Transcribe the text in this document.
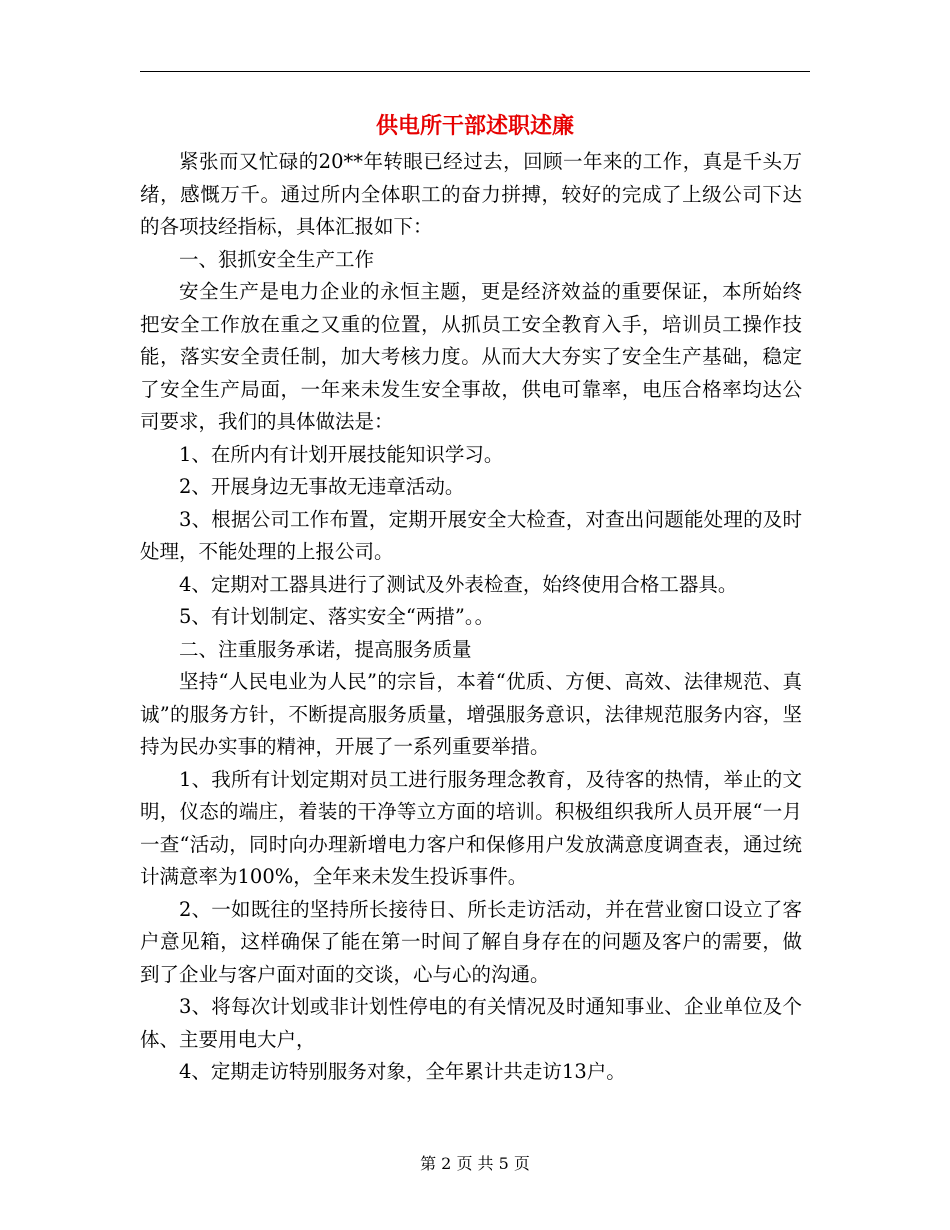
供电所干部述职述廉

紧张而又忙碌的20**年转眼已经过去，回顾一年来的工作，真是千头万绪，感慨万千。通过所内全体职工的奋力拼搏，较好的完成了上级公司下达的各项技经指标，具体汇报如下：

一、狠抓安全生产工作

安全生产是电力企业的永恒主题，更是经济效益的重要保证，本所始终把安全工作放在重之又重的位置，从抓员工安全教育入手，培训员工操作技能，落实安全责任制，加大考核力度。从而大大夯实了安全生产基础，稳定了安全生产局面，一年来未发生安全事故，供电可靠率，电压合格率均达公司要求，我们的具体做法是：

1、在所内有计划开展技能知识学习。

2、开展身边无事故无违章活动。

3、根据公司工作布置，定期开展安全大检查，对查出问题能处理的及时处理，不能处理的上报公司。

4、定期对工器具进行了测试及外表检查，始终使用合格工器具。

5、有计划制定、落实安全“两措”。。

二、注重服务承诺，提高服务质量

坚持“人民电业为人民”的宗旨，本着“优质、方便、高效、法律规范、真诚”的服务方针，不断提高服务质量，增强服务意识，法律规范服务内容，坚持为民办实事的精神，开展了一系列重要举措。

1、我所有计划定期对员工进行服务理念教育，及待客的热情，举止的文明，仪态的端庄，着装的干净等立方面的培训。积极组织我所人员开展“一月一查“活动，同时向办理新增电力客户和保修用户发放满意度调查表，通过统计满意率为100%，全年来未发生投诉事件。

2、一如既往的坚持所长接待日、所长走访活动，并在营业窗口设立了客户意见箱，这样确保了能在第一时间了解自身存在的问题及客户的需要，做到了企业与客户面对面的交谈，心与心的沟通。

3、将每次计划或非计划性停电的有关情况及时通知事业、企业单位及个体、主要用电大户，

4、定期走访特别服务对象，全年累计共走访13户。

第 2 页 共 5 页
